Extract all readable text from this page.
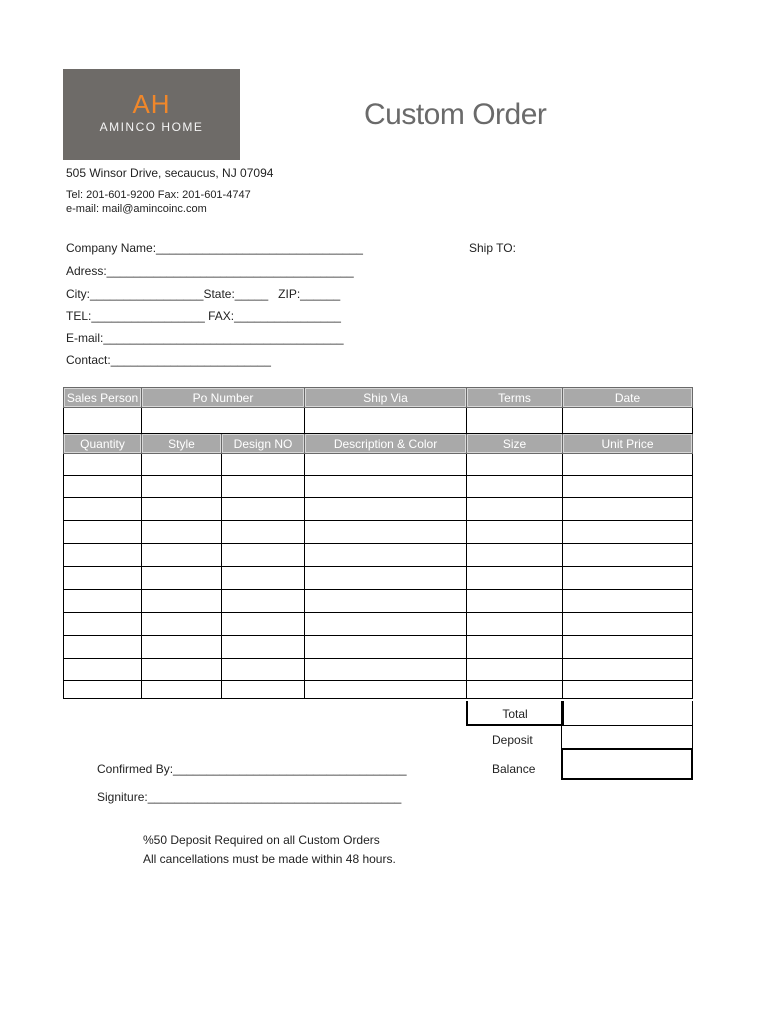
AH
AMINCO HOME	Custom Order
505 Winsor Drive, secaucus, NJ 07094
Tel: 201-601-9200 Fax: 201-601-4747
e-mail: mail@amincoinc.com
Company Name:_______________________________
Adress:_____________________________________
City:_________________State:_____   ZIP:______
TEL:_________________ FAX:________________
E-mail:____________________________________
Contact:________________________
Ship TO:
Sales Person	Po Number		Ship Via	Terms	Date

Quantity	Style	Design NO	Description & Color	Size	Unit Price

Total
Deposit
Balance
Confirmed By:___________________________________
Signiture:______________________________________
%50 Deposit Required on all Custom Orders
All cancellations must be made within 48 hours.
